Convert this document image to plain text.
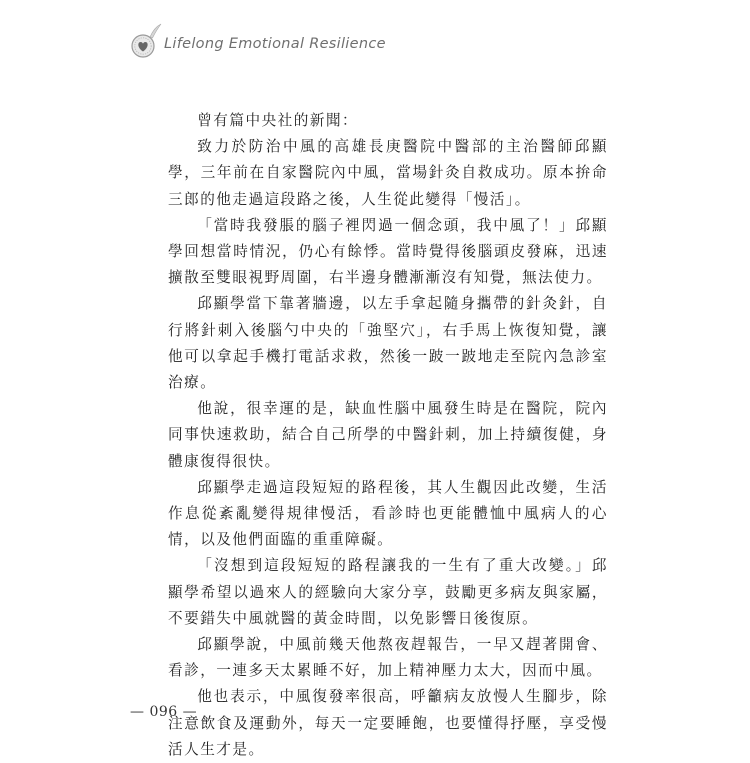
Lifelong Emotional Resilience

曾有篇中央社的新聞：

致力於防治中風的高雄長庚醫院中醫部的主治醫師邱顯學，三年前在自家醫院內中風，當場針灸自救成功。原本拚命三郎的他走過這段路之後，人生從此變得「慢活」。

「當時我發脹的腦子裡閃過一個念頭，我中風了！」邱顯學回想當時情況，仍心有餘悸。當時覺得後腦頭皮發麻，迅速擴散至雙眼視野周圍，右半邊身體漸漸沒有知覺，無法使力。

邱顯學當下靠著牆邊，以左手拿起隨身攜帶的針灸針，自行將針刺入後腦勺中央的「強堅穴」，右手馬上恢復知覺，讓他可以拿起手機打電話求救，然後一跛一跛地走至院內急診室治療。

他說，很幸運的是，缺血性腦中風發生時是在醫院，院內同事快速救助，結合自己所學的中醫針刺，加上持續復健，身體康復得很快。

邱顯學走過這段短短的路程後，其人生觀因此改變，生活作息從紊亂變得規律慢活，看診時也更能體恤中風病人的心情，以及他們面臨的重重障礙。

「沒想到這段短短的路程讓我的一生有了重大改變。」邱顯學希望以過來人的經驗向大家分享，鼓勵更多病友與家屬，不要錯失中風就醫的黃金時間，以免影響日後復原。

邱顯學說，中風前幾天他熬夜趕報告，一早又趕著開會、看診，一連多天太累睡不好，加上精神壓力太大，因而中風。

他也表示，中風復發率很高，呼籲病友放慢人生腳步，除注意飲食及運動外，每天一定要睡飽，也要懂得抒壓，享受慢活人生才是。

— 096 —
